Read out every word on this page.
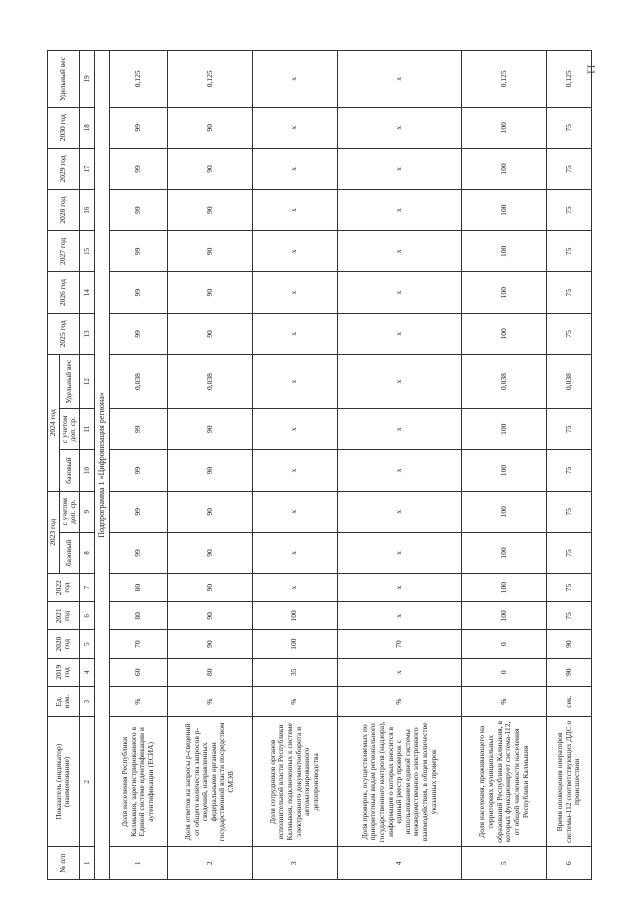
11
№ п/п	Показатель (индикатор) (наименование)	Ед. изм.	2019 год	2020 год	2021 год	2022 год	2023 год		2024 год			2025 год	2026 год	2027 год	2028 год	2029 год	2030 год	Удельный вес
							базовый	с учетом доп. ср.	базовый	с учетом доп. ср.	Удельный вес							
1	2	3	4	5	6	7	8	9	10	11	12	13	14	15	16	17	18	19
Подпрограмма 1 «Цифровизация региона»																		
1	Доля населения Республики Калмыкия, зарегистрированного в Единой системе идентификации и аутентификации (ЕСИА)	%	60	70	80	80	99	99	99	99	0,038	99	99	99	99	99	99	0,125
2	Доля ответов на запросы р-сведений от общего количества запросов р-сведений, направленных федеральными органами государственной власти посредством СМЭВ	%	80	90	90	90	90	90	90	90	0,038	90	90	90	90	90	90	0,125
3	Доля сотрудников органов исполнительной власти Республики Калмыкия, подключенных к системе электронного документооборота и автоматизированного делопроизводства	%	35	100	100	x	x	x	x	x	x	x	x	x	x	x	x	x
4	Доля проверок, осуществляемых по приоритетным видам регионального государственного контроля (надзора), информация о которых вносится в единый реестр проверок с использованием единой системы межведомственного электронного взаимодействия, в общем количестве указанных проверок	%	x	70	x	x	x	x	x	x	x	x	x	x	x	x	x	x
5	Доля населения, проживающего на территориях муниципальных образований Республики Калмыкия, в которых функционирует система-112, от общей численности населения Республики Калмыкия	%	0	0	100	100	100	100	100	100	0,038	100	100	100	100	100	100	0,125
6	Время оповещения операторов системы-112 соответствующих ДДС о происшествии	сек.	90	90	75	75	75	75	75	75	0,038	75	75	75	75	75	75	0,125
